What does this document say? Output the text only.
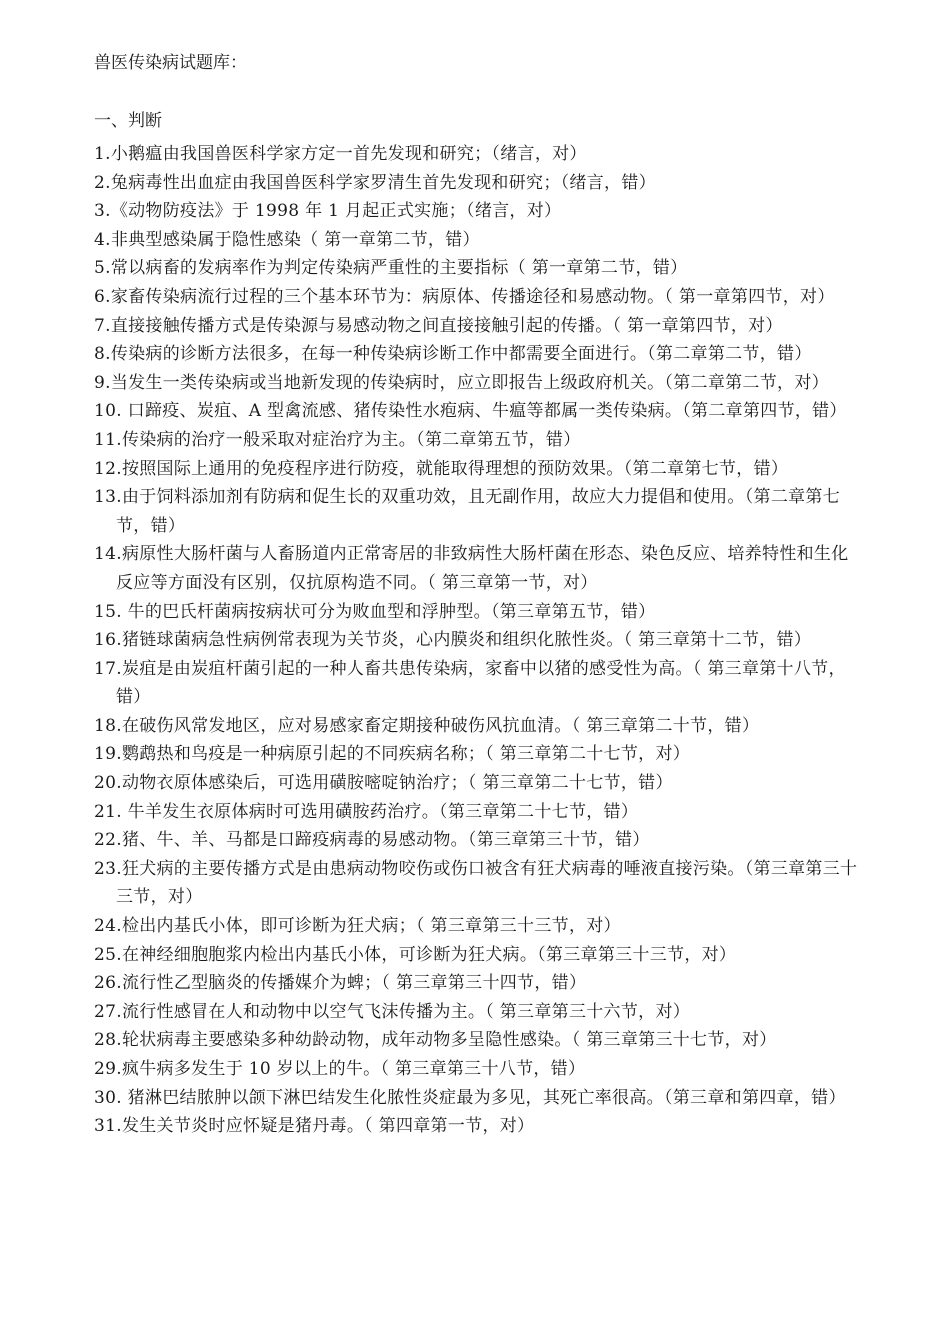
兽医传染病试题库：
一、判断
1.小鹅瘟由我国兽医科学家方定一首先发现和研究；（绪言，对）
2.兔病毒性出血症由我国兽医科学家罗清生首先发现和研究；（绪言，错）
3.《动物防疫法》于 1998 年 1 月起正式实施；（绪言，对）
4.非典型感染属于隐性感染（ 第一章第二节，错）
5.常以病畜的发病率作为判定传染病严重性的主要指标（ 第一章第二节，错）
6.家畜传染病流行过程的三个基本环节为：病原体、传播途径和易感动物。（ 第一章第四节，对）
7.直接接触传播方式是传染源与易感动物之间直接接触引起的传播。（ 第一章第四节，对）
8.传染病的诊断方法很多，在每一种传染病诊断工作中都需要全面进行。（第二章第二节，错）
9.当发生一类传染病或当地新发现的传染病时，应立即报告上级政府机关。（第二章第二节，对）
10. 口蹄疫、炭疽、A 型禽流感、猪传染性水疱病、牛瘟等都属一类传染病。（第二章第四节，错）
11.传染病的治疗一般采取对症治疗为主。（第二章第五节，错）
12.按照国际上通用的免疫程序进行防疫，就能取得理想的预防效果。（第二章第七节，错）
13.由于饲料添加剂有防病和促生长的双重功效，且无副作用，故应大力提倡和使用。（第二章第七节，错）
14.病原性大肠杆菌与人畜肠道内正常寄居的非致病性大肠杆菌在形态、染色反应、培养特性和生化反应等方面没有区别，仅抗原构造不同。（ 第三章第一节，对）
15. 牛的巴氏杆菌病按病状可分为败血型和浮肿型。（第三章第五节，错）
16.猪链球菌病急性病例常表现为关节炎，心内膜炎和组织化脓性炎。（ 第三章第十二节，错）
17.炭疽是由炭疽杆菌引起的一种人畜共患传染病，家畜中以猪的感受性为高。（ 第三章第十八节，错）
18.在破伤风常发地区，应对易感家畜定期接种破伤风抗血清。（ 第三章第二十节，错）
19.鹦鹉热和鸟疫是一种病原引起的不同疾病名称；（ 第三章第二十七节，对）
20.动物衣原体感染后，可选用磺胺嘧啶钠治疗；（ 第三章第二十七节，错）
21. 牛羊发生衣原体病时可选用磺胺药治疗。（第三章第二十七节，错）
22.猪、牛、羊、马都是口蹄疫病毒的易感动物。（第三章第三十节，错）
23.狂犬病的主要传播方式是由患病动物咬伤或伤口被含有狂犬病毒的唾液直接污染。（第三章第三十三节，对）
24.检出内基氏小体，即可诊断为狂犬病；（ 第三章第三十三节，对）
25.在神经细胞胞浆内检出内基氏小体，可诊断为狂犬病。（第三章第三十三节，对）
26.流行性乙型脑炎的传播媒介为蜱；（ 第三章第三十四节，错）
27.流行性感冒在人和动物中以空气飞沫传播为主。（ 第三章第三十六节，对）
28.轮状病毒主要感染多种幼龄动物，成年动物多呈隐性感染。（ 第三章第三十七节，对）
29.疯牛病多发生于 10 岁以上的牛。（ 第三章第三十八节，错）
30. 猪淋巴结脓肿以颌下淋巴结发生化脓性炎症最为多见，其死亡率很高。（第三章和第四章，错）
31.发生关节炎时应怀疑是猪丹毒。（ 第四章第一节，对）
